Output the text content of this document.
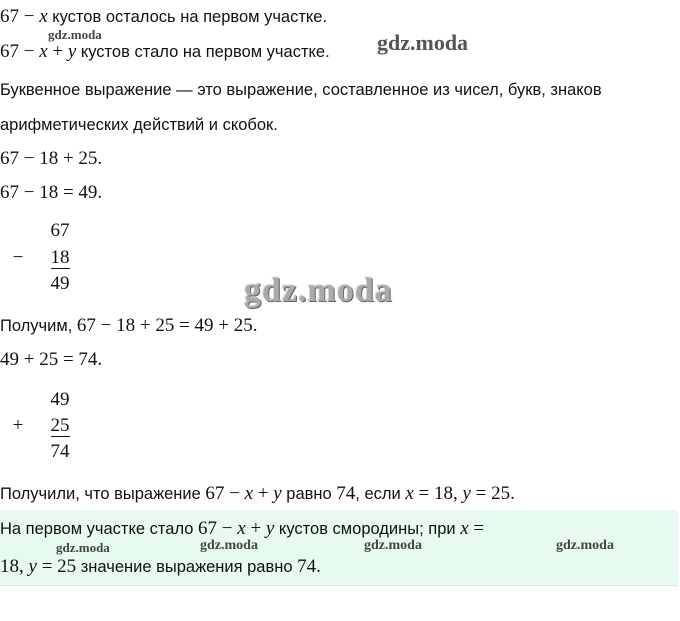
67 − x кустов осталось на первом участке.
gdz.moda
67 − x + y кустов стало на первом участке. gdz.moda
Буквенное выражение — это выражение, составленное из чисел, букв, знаков
арифметических действий и скобок.
67 − 18 + 25.
67 − 18 = 49.
67
− 18
49	gdz.moda
Получим, 67 − 18 + 25 = 49 + 25.
49 + 25 = 74.
49
+ 25
74
Получили, что выражение 67 − x + y равно 74, если x = 18, y = 25.
На первом участке стало 67 − x + y кустов смородины; при x =
gdz.moda	gdz.moda	gdz.moda	gdz.moda
18, y = 25 значение выражения равно 74.
